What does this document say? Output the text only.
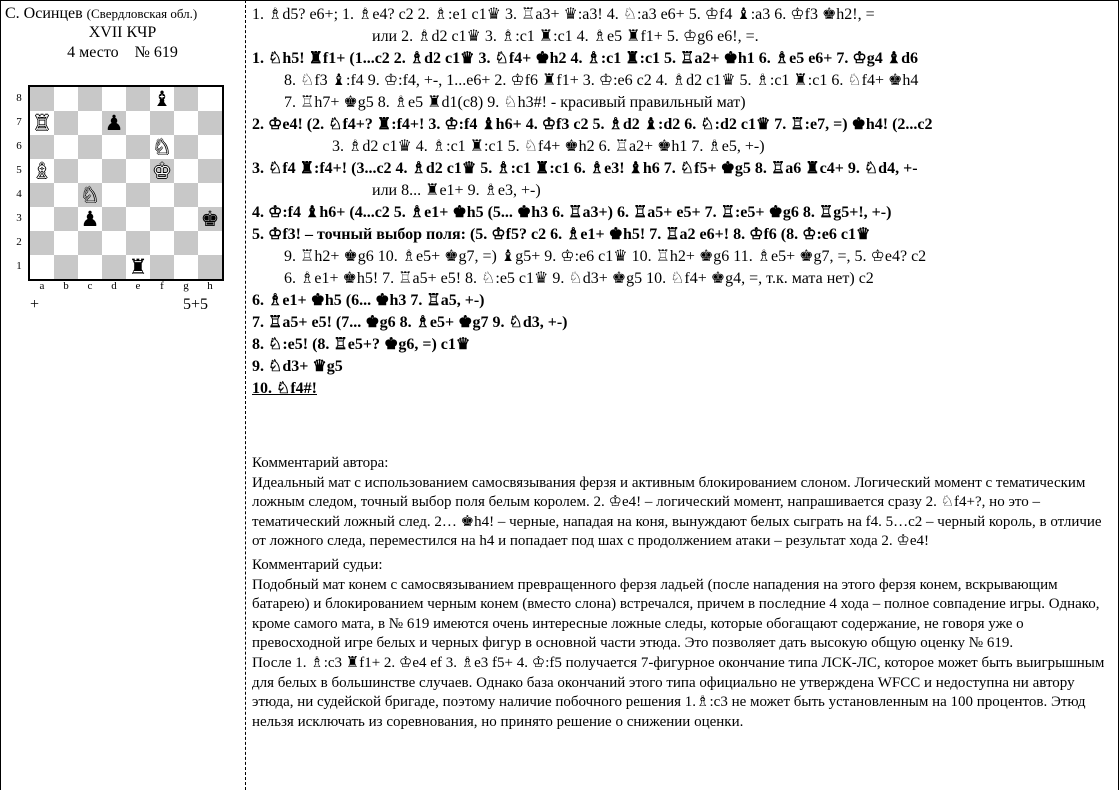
С. Осинцев (Свердловская обл.)
XVII КЧР
4 место    № 619
♝
♖	♟
♘
♗	♔
♘
♟	♚
♜
8
7
6
5
4
3
2
1
a	b	c	d	e	f	g	h
+	5+5

1. ♗d5? e6+; 1. ♗e4? c2 2. ♗:e1 c1♛ 3. ♖a3+ ♛:a3! 4. ♘:a3 e6+ 5. ♔f4 ♝:a3 6. ♔f3 ♚h2!, =

или 2. ♗d2 c1♛ 3. ♗:c1 ♜:c1 4. ♗e5 ♜f1+ 5. ♔g6 e6!, =.

1. ♘h5! ♜f1+ (1...c2 2. ♗d2 c1♛ 3. ♘f4+ ♚h2 4. ♗:c1 ♜:c1 5. ♖a2+ ♚h1 6. ♗e5 e6+ 7. ♔g4 ♝d6

8. ♘f3 ♝:f4 9. ♔:f4, +-, 1...e6+ 2. ♔f6 ♜f1+ 3. ♔:e6 c2 4. ♗d2 c1♛ 5. ♗:c1 ♜:c1 6. ♘f4+ ♚h4

7. ♖h7+ ♚g5 8. ♗e5 ♜d1(c8) 9. ♘h3#! - красивый правильный мат)

2. ♔e4! (2. ♘f4+? ♜:f4+! 3. ♔:f4 ♝h6+ 4. ♔f3 c2 5. ♗d2 ♝:d2 6. ♘:d2 c1♛ 7. ♖:e7, =) ♚h4! (2...c2

3. ♗d2 c1♛ 4. ♗:c1 ♜:c1 5. ♘f4+ ♚h2 6. ♖a2+ ♚h1 7. ♗e5, +-)

3. ♘f4 ♜:f4+! (3...c2 4. ♗d2 c1♛ 5. ♗:c1 ♜:c1 6. ♗e3! ♝h6 7. ♘f5+ ♚g5 8. ♖a6 ♜c4+ 9. ♘d4, +-

или 8... ♜e1+ 9. ♗e3, +-)

4. ♔:f4 ♝h6+ (4...c2 5. ♗e1+ ♚h5 (5... ♚h3 6. ♖a3+) 6. ♖a5+ e5+ 7. ♖:e5+ ♚g6 8. ♖g5+!, +-)

5. ♔f3! – точный выбор поля: (5. ♔f5? c2 6. ♗e1+ ♚h5! 7. ♖a2 e6+! 8. ♔f6 (8. ♔:e6 c1♛

9. ♖h2+ ♚g6 10. ♗e5+ ♚g7, =) ♝g5+ 9. ♔:e6 c1♛ 10. ♖h2+ ♚g6 11. ♗e5+ ♚g7, =, 5. ♔e4? c2

6. ♗e1+ ♚h5! 7. ♖a5+ e5! 8. ♘:e5 c1♛ 9. ♘d3+ ♚g5 10. ♘f4+ ♚g4, =, т.к. мата нет) c2

6. ♗e1+ ♚h5 (6... ♚h3 7. ♖a5, +-)

7. ♖a5+ e5! (7... ♚g6 8. ♗e5+ ♚g7 9. ♘d3, +-)

8. ♘:e5! (8. ♖e5+? ♚g6, =) c1♛

9. ♘d3+ ♛g5

10. ♘f4#!

Комментарий автора:

Идеальный мат с использованием самосвязывания ферзя и активным блокированием слоном. Логический момент с тематическим ложным следом, точный выбор поля белым королем. 2. ♔e4! – логический момент, напрашивается сразу 2. ♘f4+?, но это – тематический ложный след. 2… ♚h4! – черные, нападая на коня, вынуждают белых сыграть на f4. 5…c2 – черный король, в отличие от ложного следа, переместился на h4 и попадает под шах с продолжением атаки – результат хода 2. ♔e4!

Комментарий судьи:

Подобный мат конем с самосвязыванием превращенного ферзя ладьей (после нападения на этого ферзя конем, вскрывающим батарею) и блокированием черным конем (вместо слона) встречался, причем в последние 4 хода – полное совпадение игры. Однако, кроме самого мата, в № 619 имеются очень интересные ложные следы, которые обогащают содержание, не говоря уже о превосходной игре белых и черных фигур в основной части этюда. Это позволяет дать высокую общую оценку № 619.

После 1. ♗:c3 ♜f1+ 2. ♔e4 ef 3. ♗e3 f5+ 4. ♔:f5 получается 7-фигурное окончание типа ЛСК-ЛС, которое может быть выигрышным для белых в большинстве случаев. Однако база окончаний этого типа официально не утверждена WFCC и недоступна ни автору этюда, ни судейской бригаде, поэтому наличие побочного решения 1.♗:c3 не может быть установленным на 100 процентов. Этюд нельзя исключать из соревнования, но принято решение о снижении оценки.
